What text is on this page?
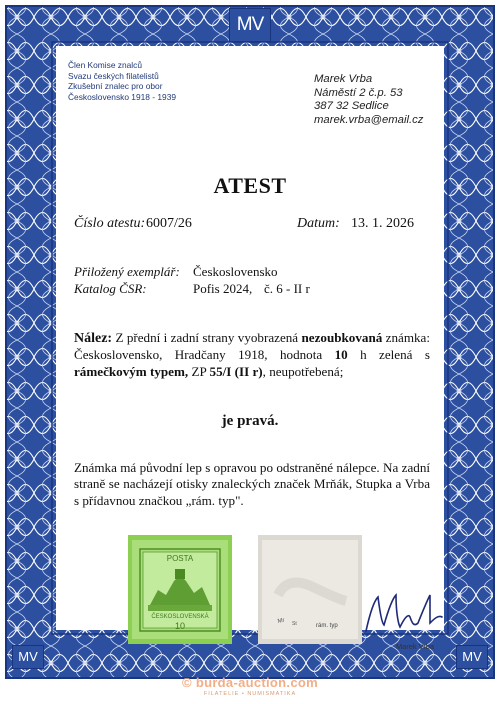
MV
MV	MV
Člen Komise znalců
Svazu českých filatelistů
Zkušební znalec pro obor
Československo 1918 - 1939
Marek Vrba
Náměstí 2 č.p. 53
387 32 Sedlice
marek.vrba@email.cz
ATEST
Číslo atestu: 6007/26	Datum: 13. 1. 2026
Přiložený exemplář: Československo
Katalog ČSR:	Pofis 2024, č. 6 - II r
Nález: Z přední i zadní strany vyobrazená nezoubkovaná známka: Československo, Hradčany 1918, hodnota 10 h zelená s rámečkovým typem, ZP 55/I (II r), neupotřebená;
je pravá.
Známka má původní lep s opravou po odstraněné nálepce. Na zadní straně se nacházejí otisky znaleckých značek Mrňák, Stupka a Vrba s přídavnou značkou „rám. typ".
POSTA
ČESKOSLOVENSKÁ
10	Mr St	rám. typ
Marek Vrba
© burda-auction.com
FILATELIE • NUMISMATIKA
